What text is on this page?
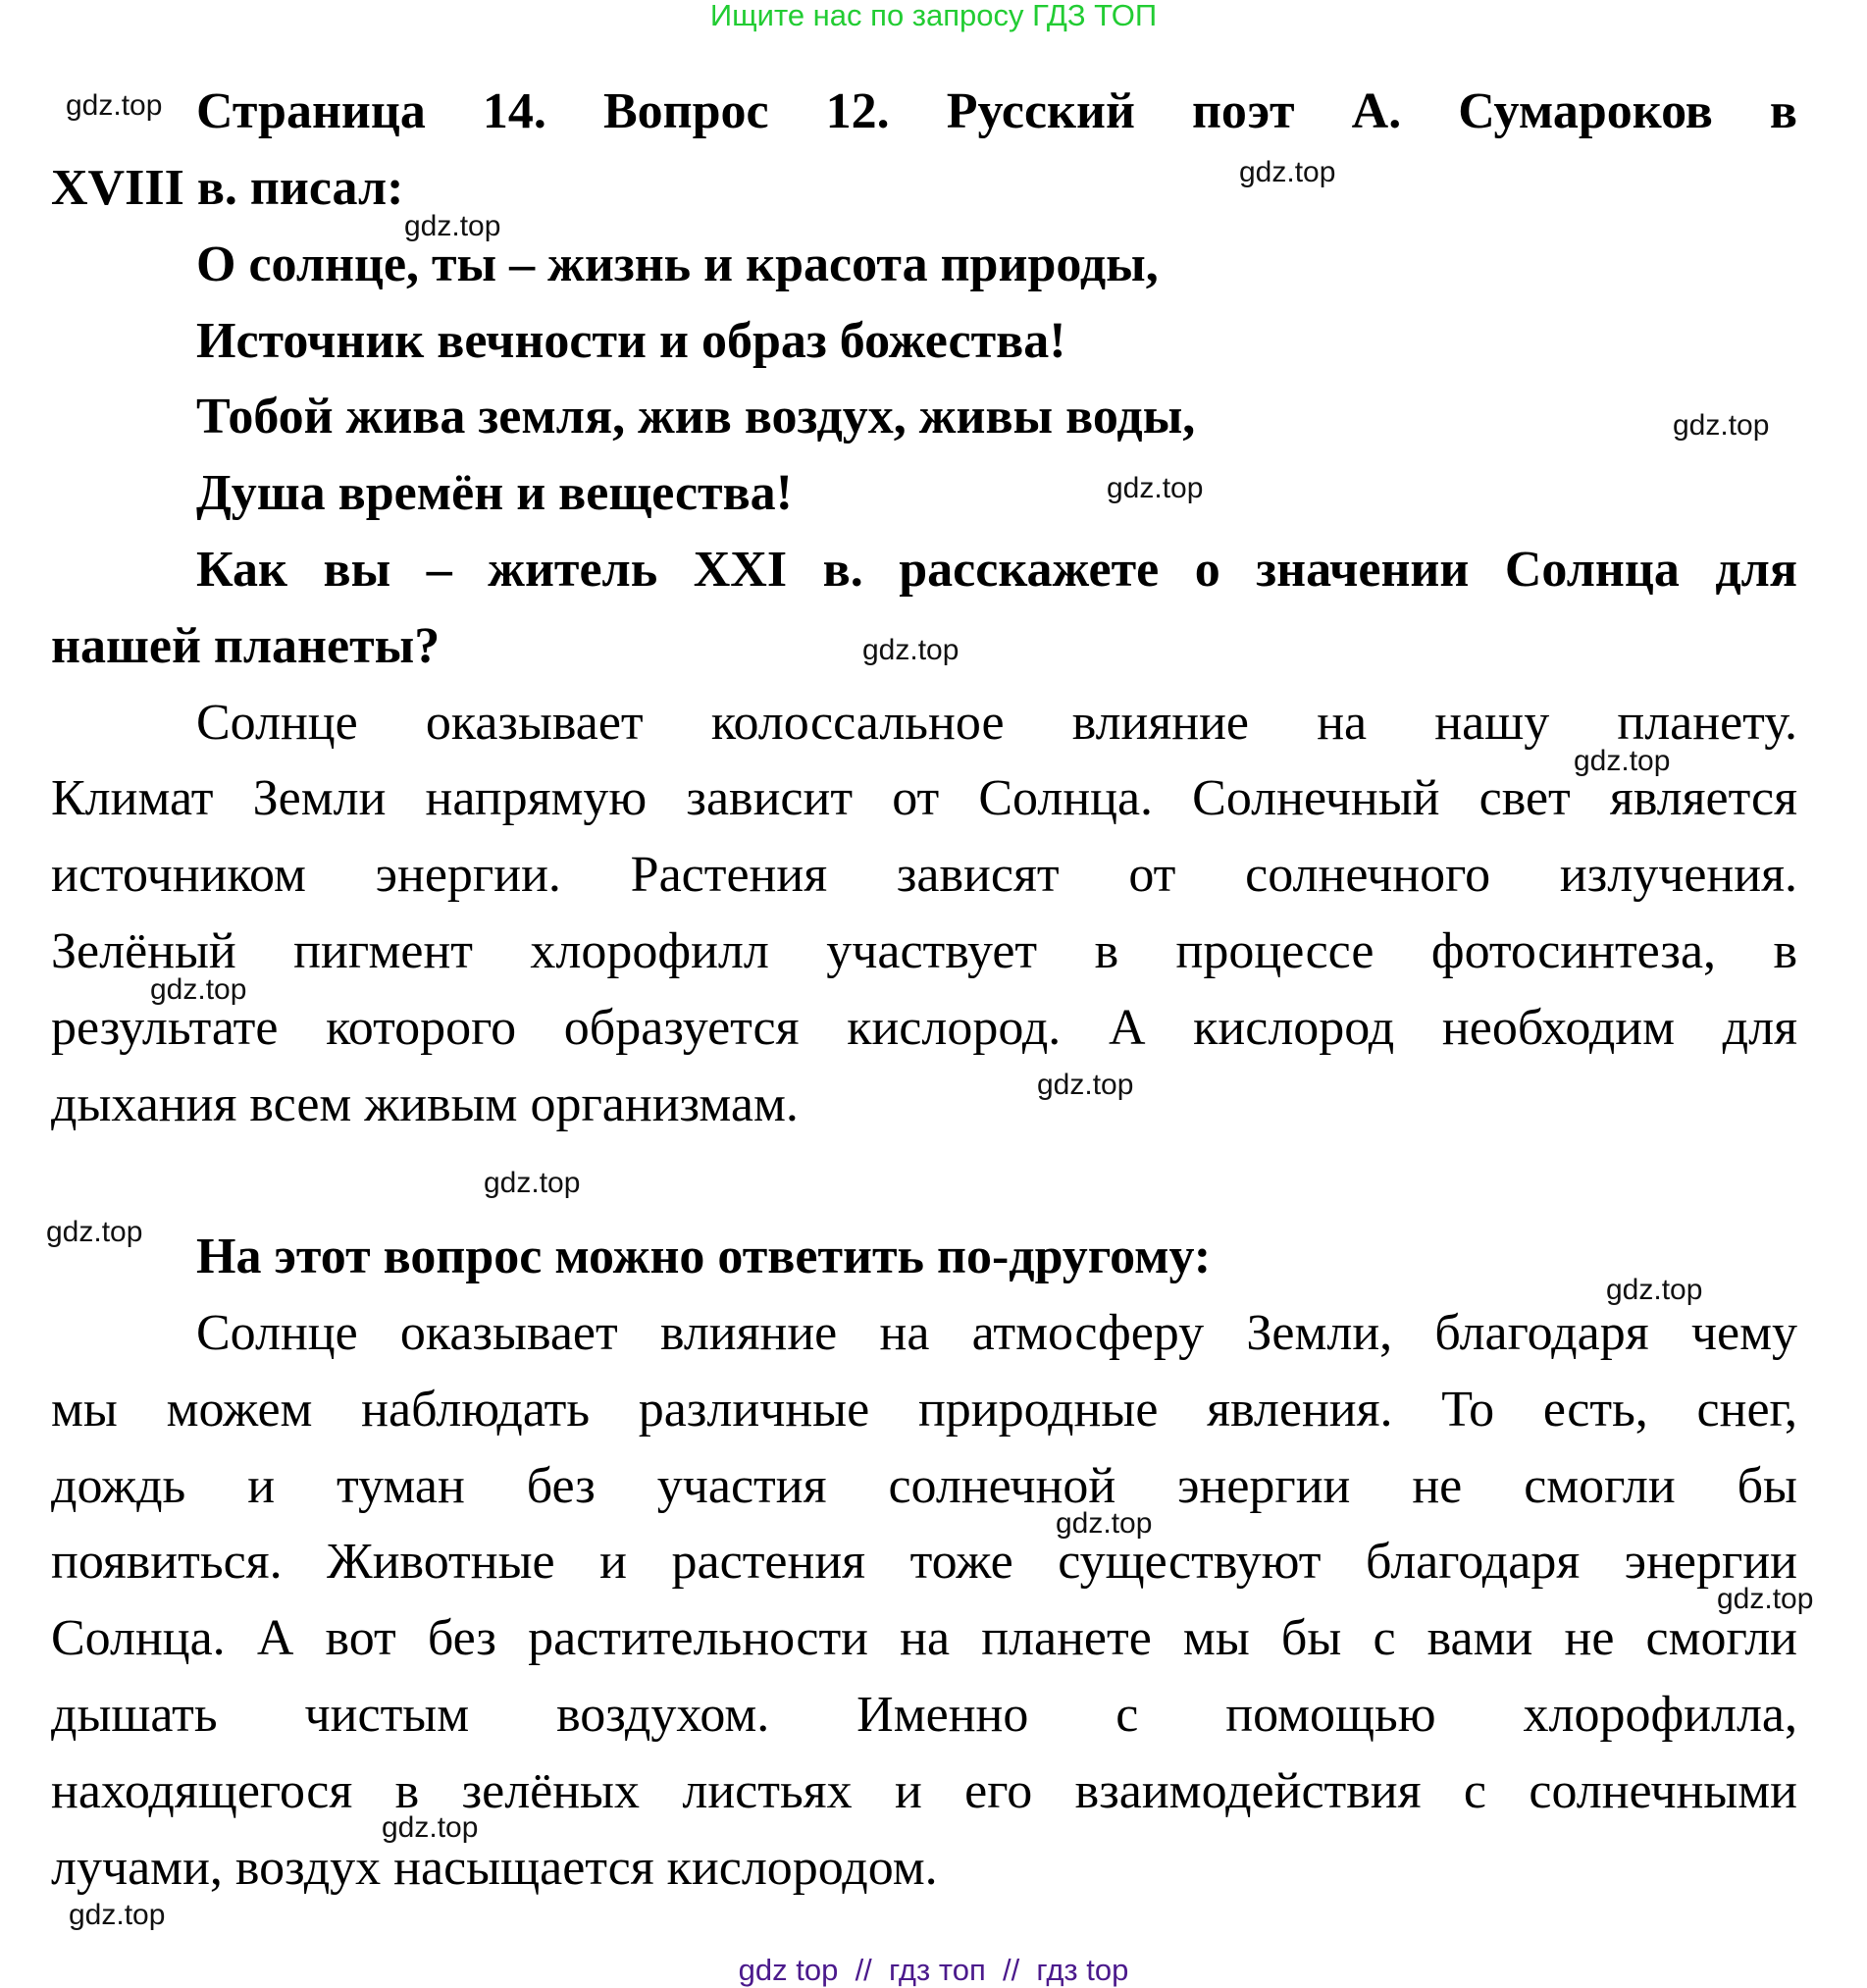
Ищите нас по запросу ГДЗ ТОП
Страница 14. Вопрос 12. Русский поэт А. Сумароков в
XVIII в. писал:
О солнце, ты – жизнь и красота природы,
Источник вечности и образ божества!
Тобой жива земля, жив воздух, живы воды,
Душа времён и вещества!
Как вы – житель XXI в. расскажете о значении Солнца для
нашей планеты?
Солнце оказывает колоссальное влияние на нашу планету.
Климат Земли напрямую зависит от Солнца. Солнечный свет является
источником энергии. Растения зависят от солнечного излучения.
Зелёный пигмент хлорофилл участвует в процессе фотосинтеза, в
результате которого образуется кислород. А кислород необходим для
дыхания всем живым организмам.
На этот вопрос можно ответить по-другому:
Солнце оказывает влияние на атмосферу Земли, благодаря чему
мы можем наблюдать различные природные явления. То есть, снег,
дождь и туман без участия солнечной энергии не смогли бы
появиться. Животные и растения тоже существуют благодаря энергии
Солнца. А вот без растительности на планете мы бы с вами не смогли
дышать чистым воздухом. Именно с помощью хлорофилла,
находящегося в зелёных листьях и его взаимодействия с солнечными
лучами, воздух насыщается кислородом.
gdz.top
gdz.top
gdz.top
gdz.top
gdz.top
gdz.top
gdz.top
gdz.top
gdz.top
gdz.top
gdz.top
gdz.top
gdz.top
gdz.top
gdz.top
gdz.top
gdz top  //  гдз топ  //  гдз top
